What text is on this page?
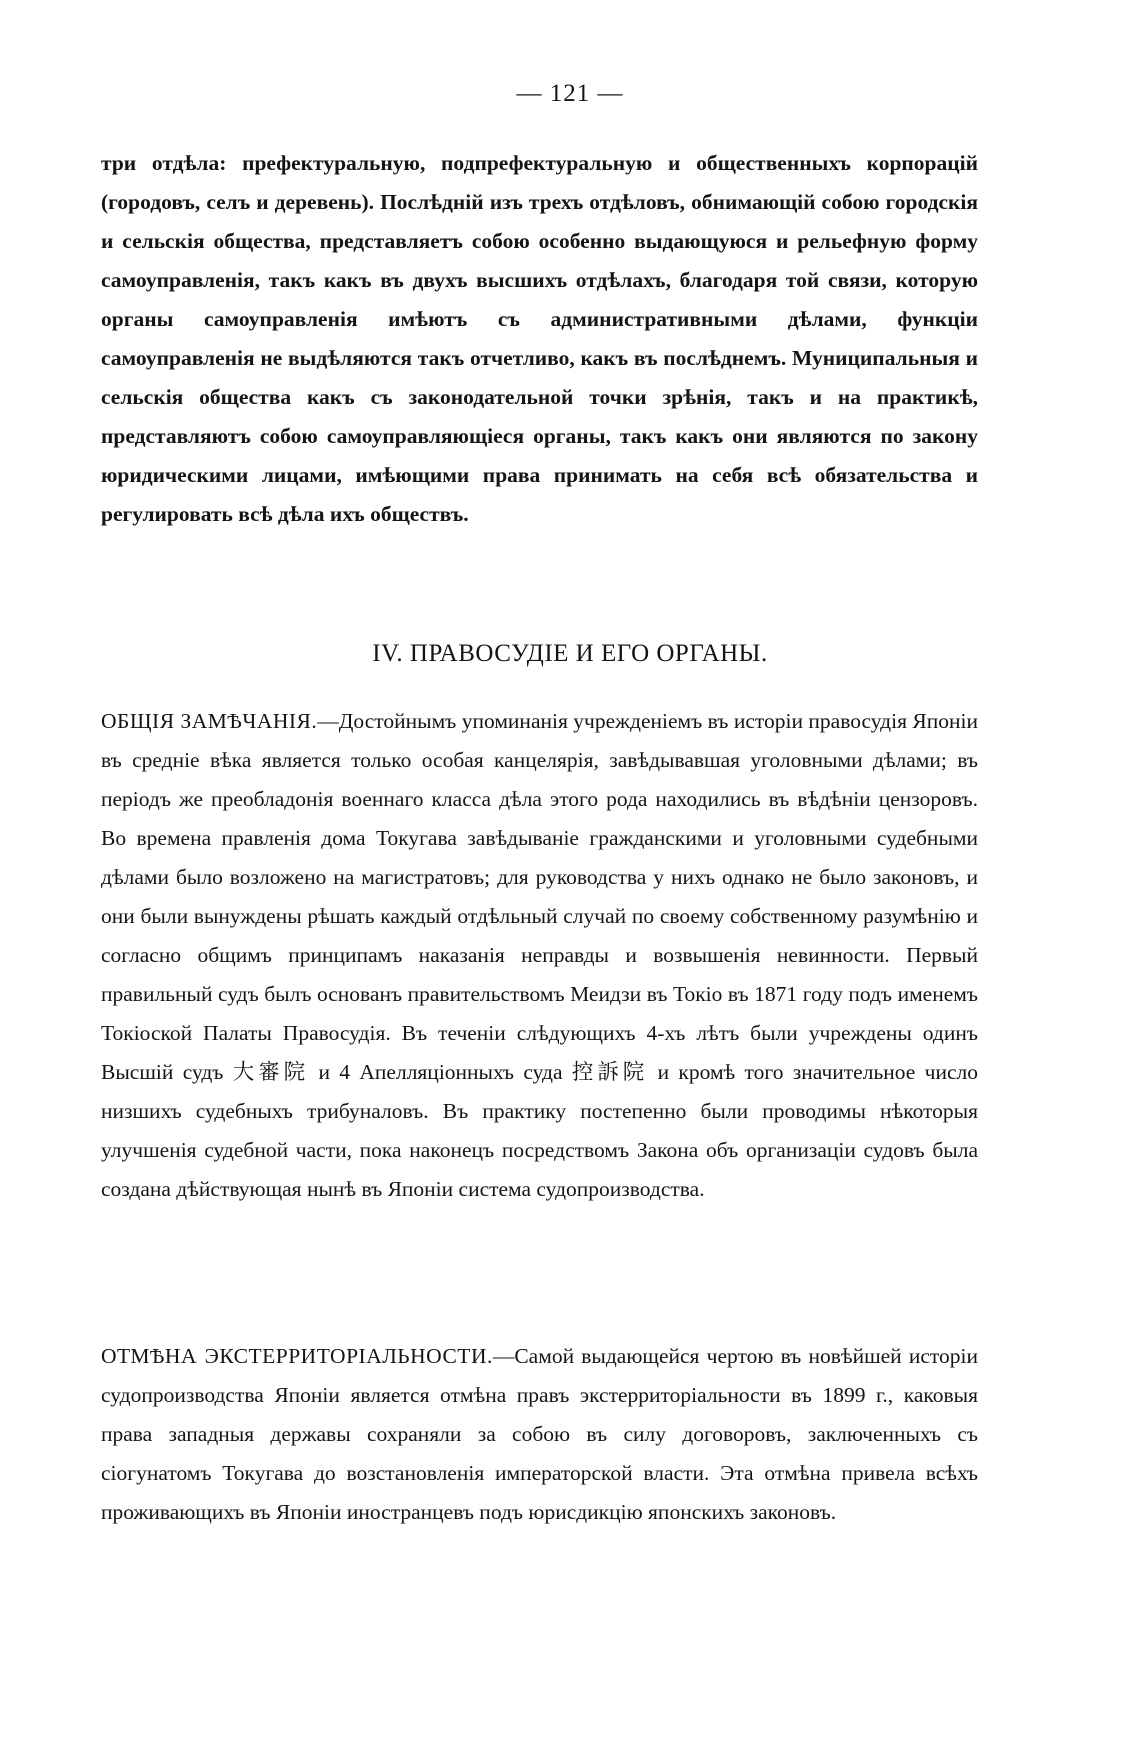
— 121 —

три отдѣла: префектуральную, подпрефектуральную и общественныхъ корпорацій (городовъ, селъ и деревень). Послѣдній изъ трехъ отдѣловъ, обнимающій собою городскія и сельскія общества, представляетъ собою особенно выдающуюся и рельефную форму самоуправленія, такъ какъ въ двухъ высшихъ отдѣлахъ, благодаря той связи, которую органы самоуправленія имѣютъ съ административными дѣлами, функціи самоуправленія не выдѣляются такъ отчетливо, какъ въ послѣднемъ. Муниципальныя и сельскія общества какъ съ законодательной точки зрѣнія, такъ и на практикѣ, представляютъ собою самоуправляющіеся органы, такъ какъ они являются по закону юридическими лицами, имѣющими права принимать на себя всѣ обязательства и регулировать всѣ дѣла ихъ обществъ.

IV. ПРАВОСУДІЕ И ЕГО ОРГАНЫ.

ОБЩІЯ ЗАМѢЧАНІЯ.—Достойнымъ упоминанія учрежденіемъ въ исторіи правосудія Японіи въ средніе вѣка является только особая канцелярія, завѣдывавшая уголовными дѣлами; въ періодъ же преобладонія военнаго класса дѣла этого рода находились въ вѣдѣніи цензоровъ. Во времена правленія дома Токугава завѣдываніе гражданскими и уголовными судебными дѣлами было возложено на магистратовъ; для руководства у нихъ однако не было законовъ, и они были вынуждены рѣшать каждый отдѣльный случай по своему собственному разумѣнію и согласно общимъ принципамъ наказанія неправды и возвышенія невинности. Первый правильный судъ былъ основанъ правительствомъ Меидзи въ Токіо въ 1871 году подъ именемъ Токіоской Палаты Правосудія. Въ теченіи слѣдующихъ 4-хъ лѣтъ были учреждены одинъ Высшій судъ 大審院 и 4 Апелляціонныхъ суда 控訴院 и кромѣ того значительное число низшихъ судебныхъ трибуналовъ. Въ практику постепенно были проводимы нѣкоторыя улучшенія судебной части, пока наконецъ посредствомъ Закона объ организаціи судовъ была создана дѣйствующая нынѣ въ Японіи система судопроизводства.

ОТМѢНА ЭКСТЕРРИТОРІАЛЬНОСТИ.—Самой выдающейся чертою въ новѣйшей исторіи судопроизводства Японіи является отмѣна правъ экстерриторіальности въ 1899 г., каковыя права западныя державы сохраняли за собою въ силу договоровъ, заключенныхъ съ сіогунатомъ Токугава до возстановленія императорской власти. Эта отмѣна привела всѣхъ проживающихъ въ Японіи иностранцевъ подъ юрисдикцію японскихъ законовъ.
